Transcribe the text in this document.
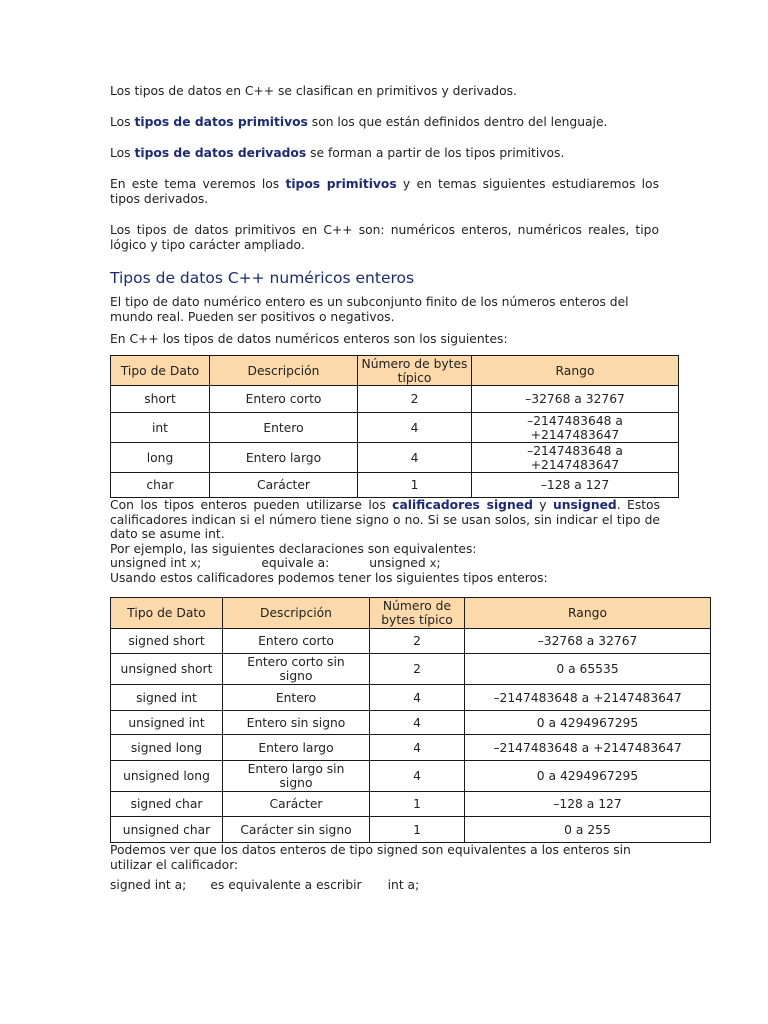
Los tipos de datos en C++ se clasifican en primitivos y derivados.

Los tipos de datos primitivos son los que están definidos dentro del lenguaje.

Los tipos de datos derivados se forman a partir de los tipos primitivos.

En este tema veremos los tipos primitivos y en temas siguientes estudiaremos los tipos derivados.

Los tipos de datos primitivos en C++ son: numéricos enteros, numéricos reales, tipo lógico y tipo carácter ampliado.

Tipos de datos C++ numéricos enteros

El tipo de dato numérico entero es un subconjunto finito de los números enteros del mundo real. Pueden ser positivos o negativos.

En C++ los tipos de datos numéricos enteros son los siguientes:

Tipo de Dato	Descripción	Número de bytes típico	Rango
short	Entero corto	2	–32768 a 32767
int	Entero	4	–2147483648 a +2147483647
long	Entero largo	4	–2147483648 a +2147483647
char	Carácter	1	–128 a 127

Con los tipos enteros pueden utilizarse los calificadores signed y unsigned. Estos calificadores indican si el número tiene signo o no. Si se usan solos, sin indicar el tipo de dato se asume int.

Por ejemplo, las siguientes declaraciones son equivalentes:

unsigned int x;	equivale a:	unsigned x;

Usando estos calificadores podemos tener los siguientes tipos enteros:

Tipo de Dato	Descripción	Número de bytes típico	Rango
signed short	Entero corto	2	–32768 a 32767
unsigned short	Entero corto sin signo	2	0 a 65535
signed int	Entero	4	–2147483648 a +2147483647
unsigned int	Entero sin signo	4	0 a 4294967295
signed long	Entero largo	4	–2147483648 a +2147483647
unsigned long	Entero largo sin signo	4	0 a 4294967295
signed char	Carácter	1	–128 a 127
unsigned char	Carácter sin signo	1	0 a 255

Podemos ver que los datos enteros de tipo signed son equivalentes a los enteros sin utilizar el calificador:

signed int a; es equivalente a escribir int a;
